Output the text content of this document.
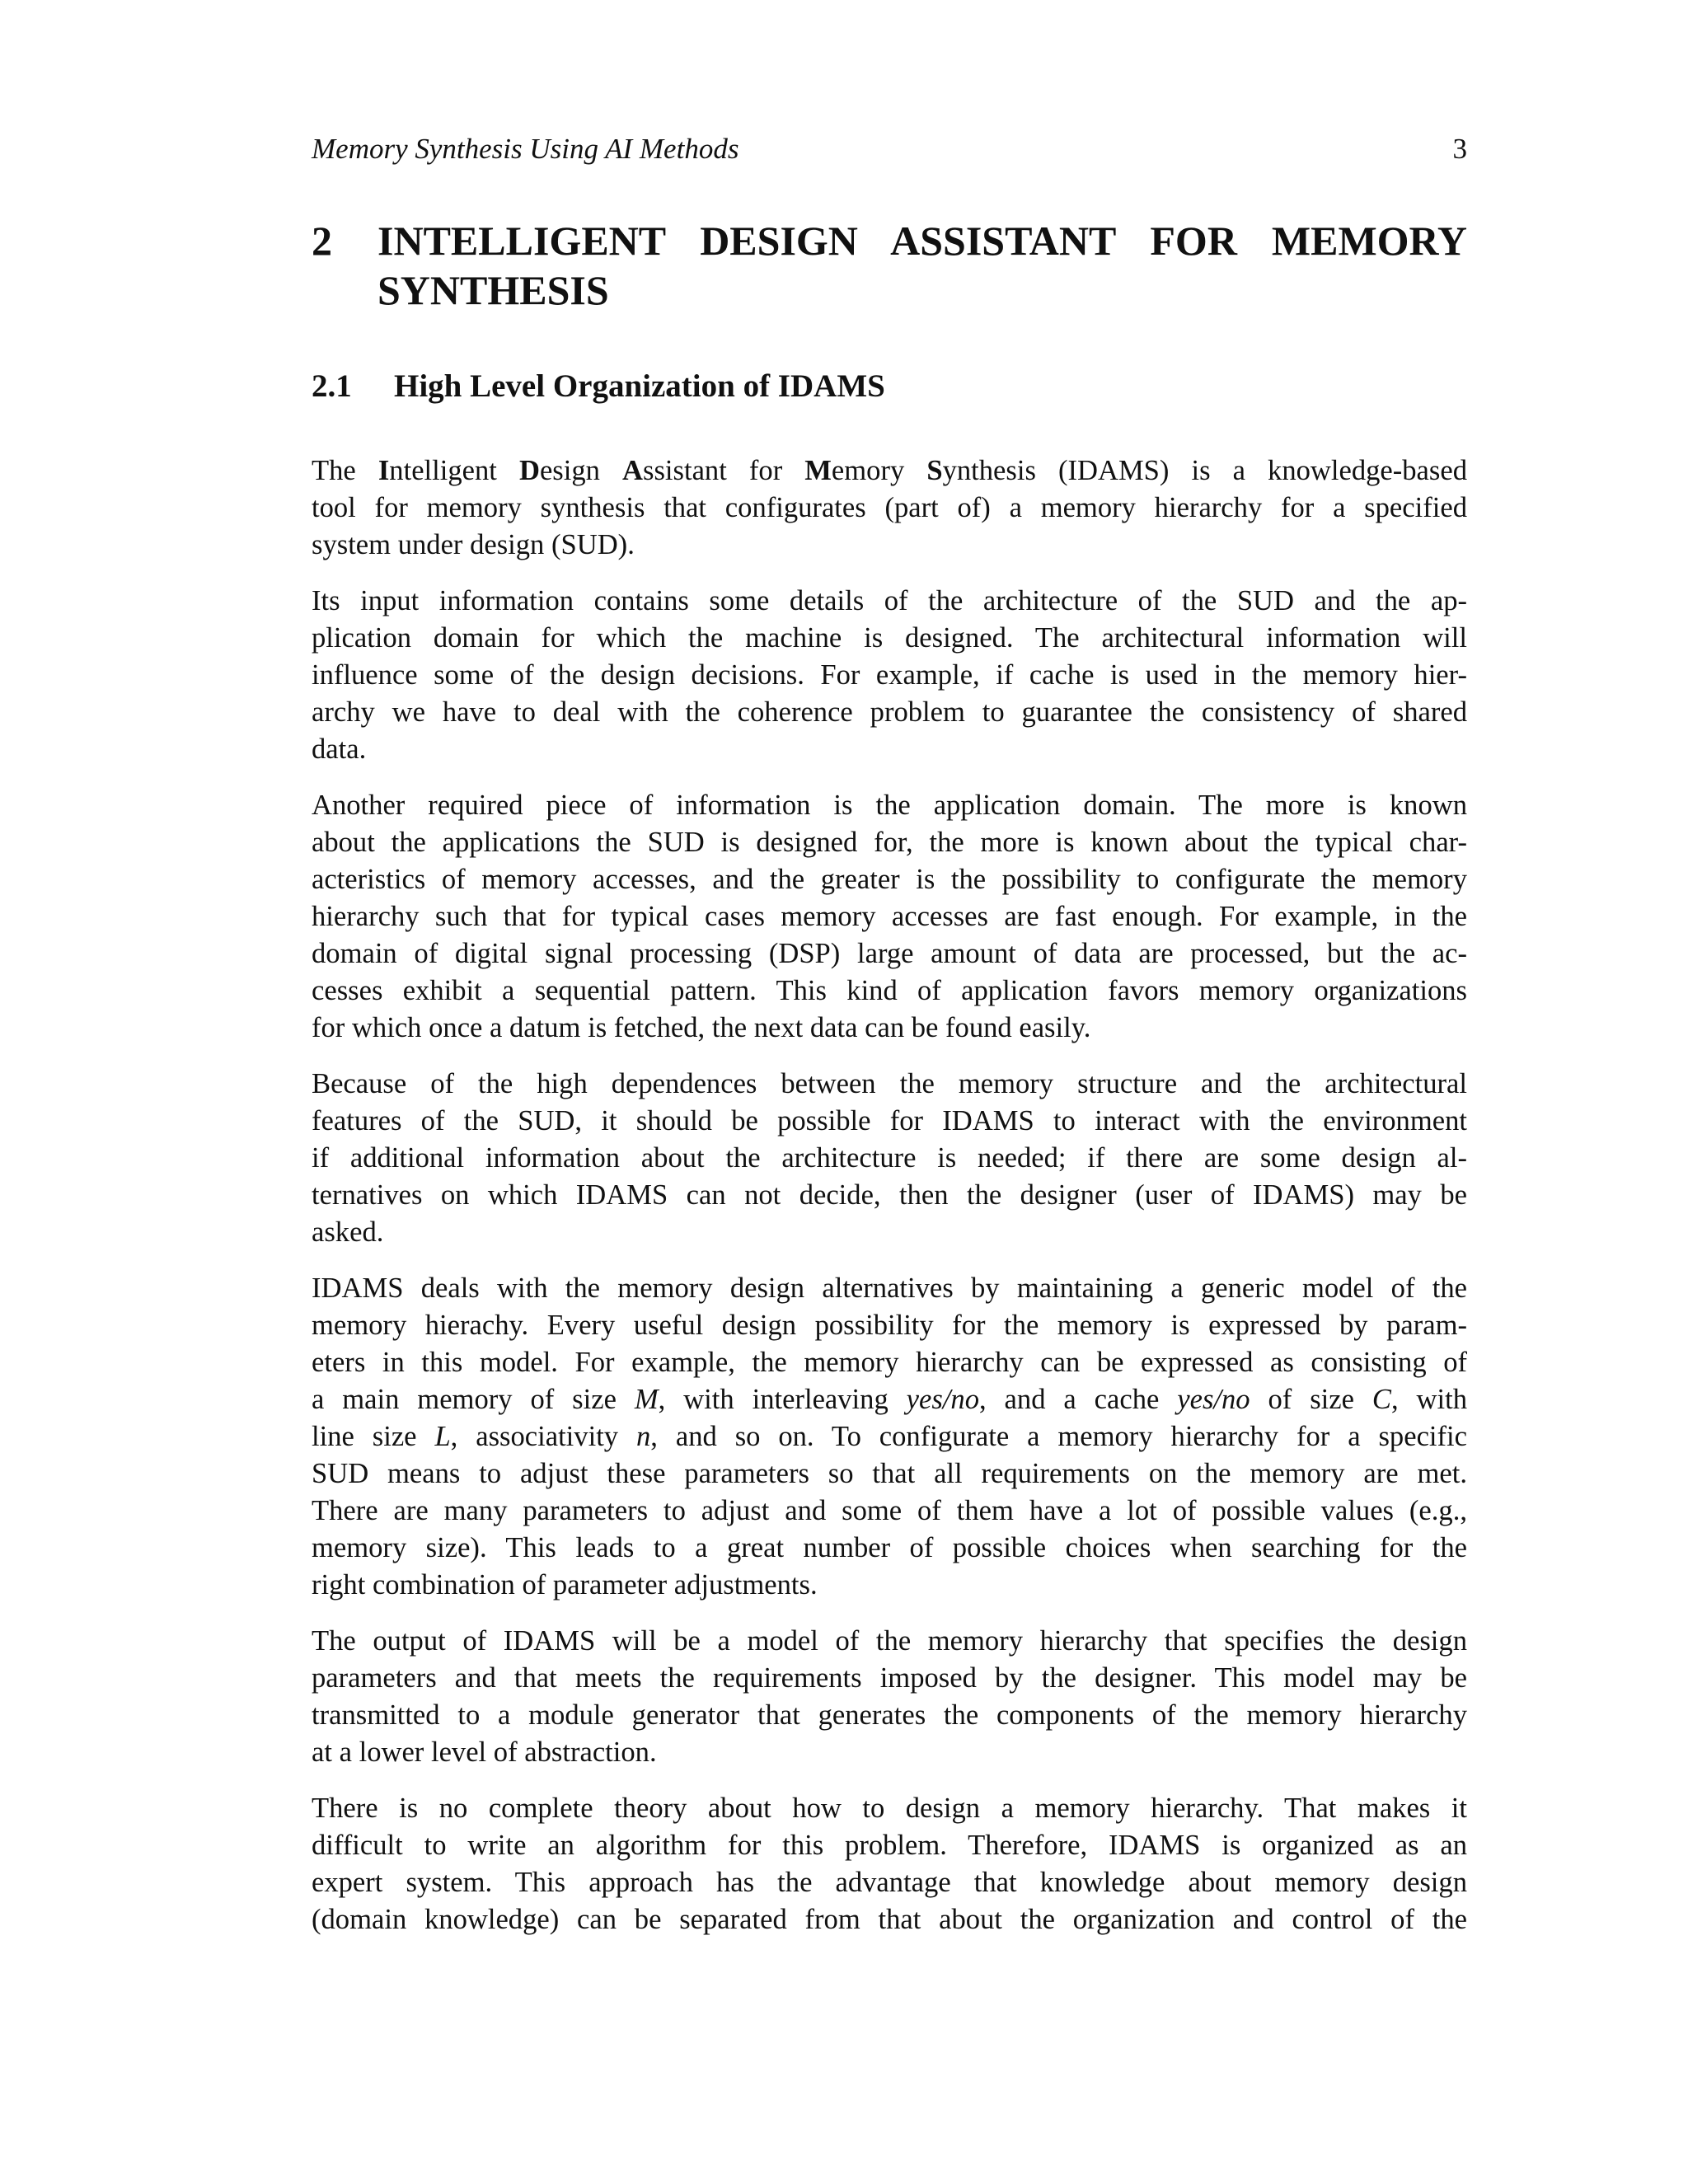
Memory Synthesis Using AI Methods	3
2 INTELLIGENT DESIGN ASSISTANT FOR MEMORY
SYNTHESIS
2.1 High Level Organization of IDAMS
The Intelligent Design Assistant for Memory Synthesis (IDAMS) is a knowledge-based
tool for memory synthesis that configurates (part of) a memory hierarchy for a specified
system under design (SUD).
Its input information contains some details of the architecture of the SUD and the ap-
plication domain for which the machine is designed. The architectural information will
influence some of the design decisions. For example, if cache is used in the memory hier-
archy we have to deal with the coherence problem to guarantee the consistency of shared
data.
Another required piece of information is the application domain. The more is known
about the applications the SUD is designed for, the more is known about the typical char-
acteristics of memory accesses, and the greater is the possibility to configurate the memory
hierarchy such that for typical cases memory accesses are fast enough. For example, in the
domain of digital signal processing (DSP) large amount of data are processed, but the ac-
cesses exhibit a sequential pattern. This kind of application favors memory organizations
for which once a datum is fetched, the next data can be found easily.
Because of the high dependences between the memory structure and the architectural
features of the SUD, it should be possible for IDAMS to interact with the environment
if additional information about the architecture is needed; if there are some design al-
ternatives on which IDAMS can not decide, then the designer (user of IDAMS) may be
asked.
IDAMS deals with the memory design alternatives by maintaining a generic model of the
memory hierachy. Every useful design possibility for the memory is expressed by param-
eters in this model. For example, the memory hierarchy can be expressed as consisting of
a main memory of size M, with interleaving yes/no, and a cache yes/no of size C, with
line size L, associativity n, and so on. To configurate a memory hierarchy for a specific
SUD means to adjust these parameters so that all requirements on the memory are met.
There are many parameters to adjust and some of them have a lot of possible values (e.g.,
memory size). This leads to a great number of possible choices when searching for the
right combination of parameter adjustments.
The output of IDAMS will be a model of the memory hierarchy that specifies the design
parameters and that meets the requirements imposed by the designer. This model may be
transmitted to a module generator that generates the components of the memory hierarchy
at a lower level of abstraction.
There is no complete theory about how to design a memory hierarchy. That makes it
difficult to write an algorithm for this problem. Therefore, IDAMS is organized as an
expert system. This approach has the advantage that knowledge about memory design
(domain knowledge) can be separated from that about the organization and control of the
